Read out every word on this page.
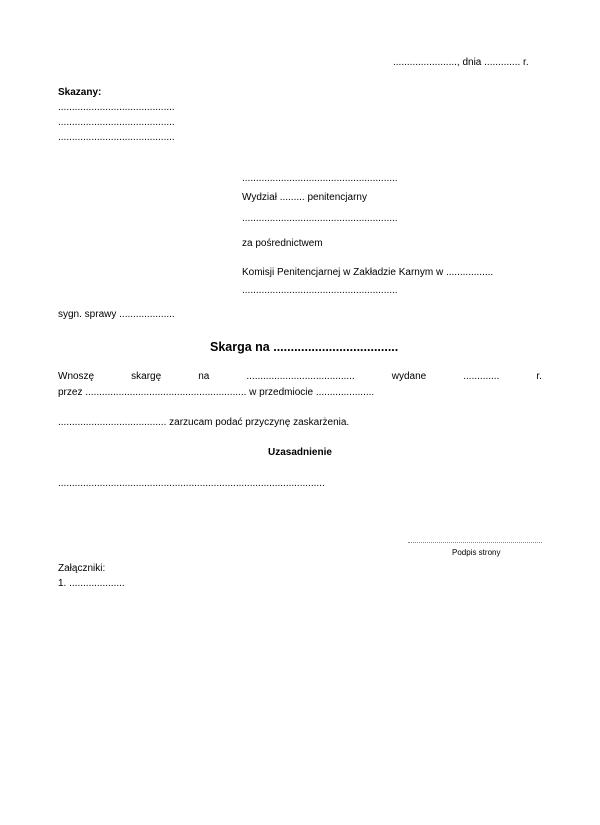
......................., dnia ............. r.
Skazany:
..........................................
..........................................
..........................................
........................................................
Wydział ......... penitencjarny
........................................................
za pośrednictwem
Komisji Penitencjarnej w Zakładzie Karnym w .................
........................................................
sygn. sprawy ....................
Skarga na ....................................
Wnoszę	skargę	na	.......................................	wydane	.............	r.
przez .......................................................... w przedmiocie .....................
....................................... zarzucam podać przyczynę zaskarżenia.
Uzasadnienie
................................................................................................
Podpis strony
Załączniki:
1. ....................
